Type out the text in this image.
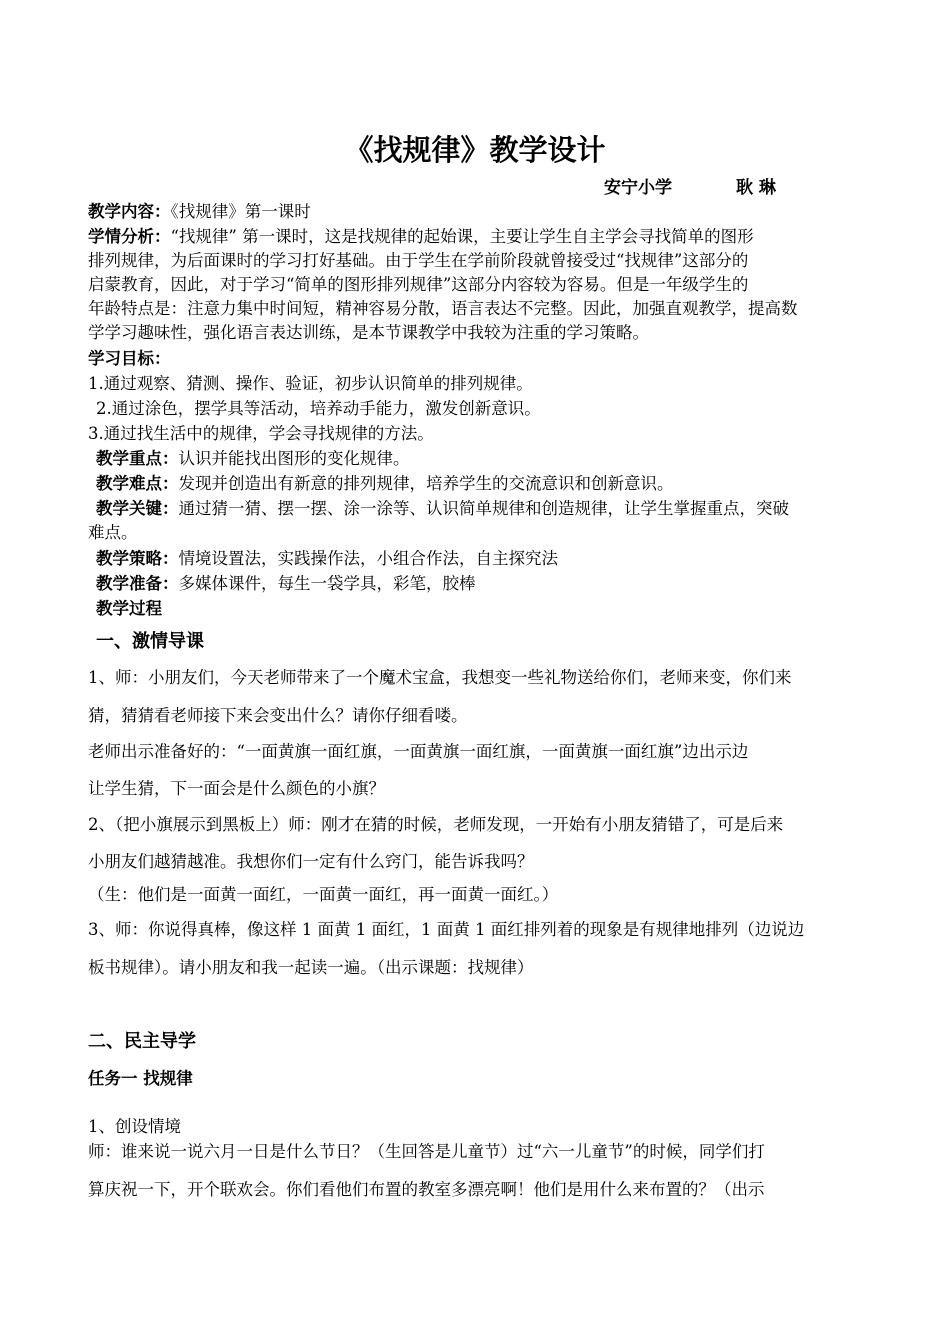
《找规律》教学设计
安宁小学	耿 琳
教学内容：《找规律》第一课时
学情分析：“找规律” 第一课时，这是找规律的起始课，主要让学生自主学会寻找简单的图形
排列规律，为后面课时的学习打好基础。由于学生在学前阶段就曾接受过“找规律”这部分的
启蒙教育，因此，对于学习“简单的图形排列规律”这部分内容较为容易。但是一年级学生的
年龄特点是：注意力集中时间短，精神容易分散，语言表达不完整。因此，加强直观教学，提高数
学学习趣味性，强化语言表达训练，是本节课教学中我较为注重的学习策略。
学习目标：
1.通过观察、猜测、操作、验证，初步认识简单的排列规律。
2.通过涂色，摆学具等活动，培养动手能力，激发创新意识。
3.通过找生活中的规律，学会寻找规律的方法。
教学重点：认识并能找出图形的变化规律。
教学难点：发现并创造出有新意的排列规律，培养学生的交流意识和创新意识。
教学关键：通过猜一猜、摆一摆、涂一涂等、认识简单规律和创造规律，让学生掌握重点，突破
难点。
教学策略：情境设置法，实践操作法，小组合作法，自主探究法
教学准备：多媒体课件，每生一袋学具，彩笔，胶棒
教学过程
一、激情导课
1、师：小朋友们，今天老师带来了一个魔术宝盒，我想变一些礼物送给你们，老师来变，你们来
猜，猜猜看老师接下来会变出什么？请你仔细看喽。
老师出示准备好的：“一面黄旗一面红旗，一面黄旗一面红旗，一面黄旗一面红旗”边出示边
让学生猜，下一面会是什么颜色的小旗？
2、（把小旗展示到黑板上）师：刚才在猜的时候，老师发现，一开始有小朋友猜错了，可是后来
小朋友们越猜越准。我想你们一定有什么窍门，能告诉我吗？
（生：他们是一面黄一面红，一面黄一面红，再一面黄一面红。）
3、师：你说得真棒，像这样 1 面黄 1 面红，1 面黄 1 面红排列着的现象是有规律地排列（边说边
板书规律）。请小朋友和我一起读一遍。（出示课题：找规律）
二、民主导学
任务一 找规律
1、创设情境
师：谁来说一说六月一日是什么节日？（生回答是儿童节）过“六一儿童节”的时候，同学们打
算庆祝一下，开个联欢会。你们看他们布置的教室多漂亮啊！他们是用什么来布置的？（出示
